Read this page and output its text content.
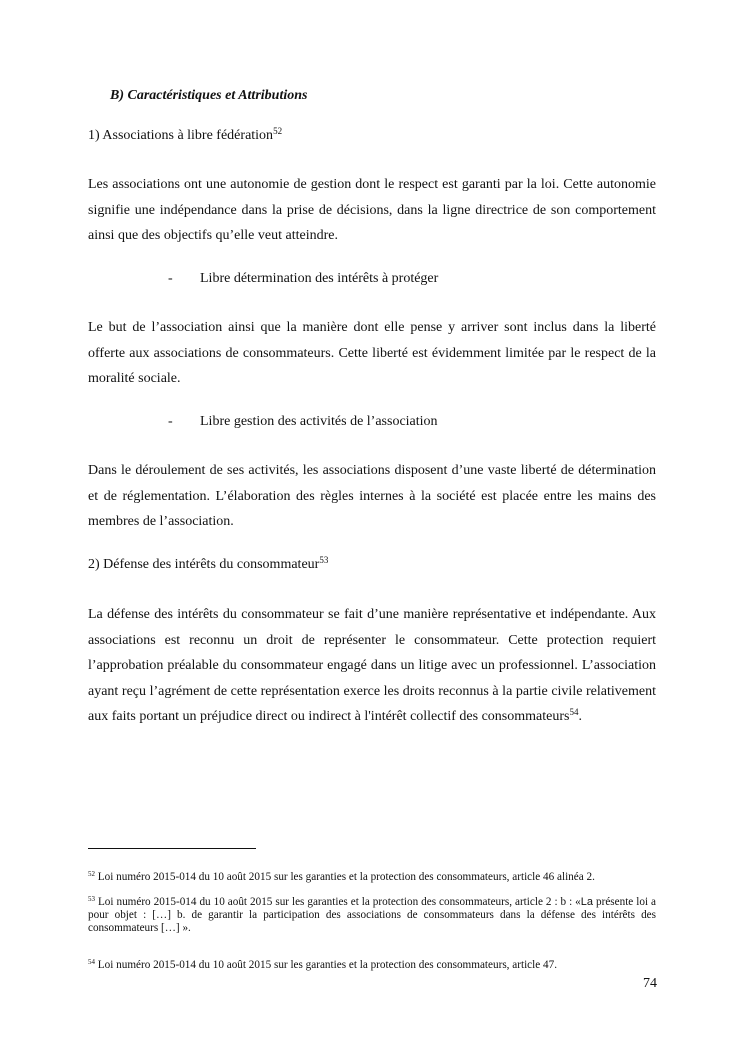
B) Caractéristiques et Attributions
1) Associations à libre fédération$^{52}$
Les associations ont une autonomie de gestion dont le respect est garanti par la loi. Cette autonomie signifie une indépendance dans la prise de décisions, dans la ligne directrice de son comportement ainsi que des objectifs qu’elle veut atteindre.
- Libre détermination des intérêts à protéger
Le but de l’association ainsi que la manière dont elle pense y arriver sont inclus dans la liberté offerte aux associations de consommateurs. Cette liberté est évidemment limitée par le respect de la moralité sociale.
- Libre gestion des activités de l’association
Dans le déroulement de ses activités, les associations disposent d’une vaste liberté de détermination et de réglementation. L’élaboration des règles internes à la société est placée entre les mains des membres de l’association.
2) Défense des intérêts du consommateur$^{53}$
La défense des intérêts du consommateur se fait d’une manière représentative et indépendante. Aux associations est reconnu un droit de représenter le consommateur. Cette protection requiert l’approbation préalable du consommateur engagé dans un litige avec un professionnel. L’association ayant reçu l’agrément de cette représentation exerce les droits reconnus à la partie civile relativement aux faits portant un préjudice direct ou indirect à l'intérêt collectif des consommateurs$^{54}$.
$^{52}$ Loi numéro 2015-014 du 10 août 2015 sur les garanties et la protection des consommateurs, article 46 alinéa 2.
$^{53}$ Loi numéro 2015-014 du 10 août 2015 sur les garanties et la protection des consommateurs, article 2 : b : «La présente loi a pour objet : […] b. de garantir la participation des associations de consommateurs dans la défense des intérêts des consommateurs […] ».
$^{54}$ Loi numéro 2015-014 du 10 août 2015 sur les garanties et la protection des consommateurs, article 47.
74
